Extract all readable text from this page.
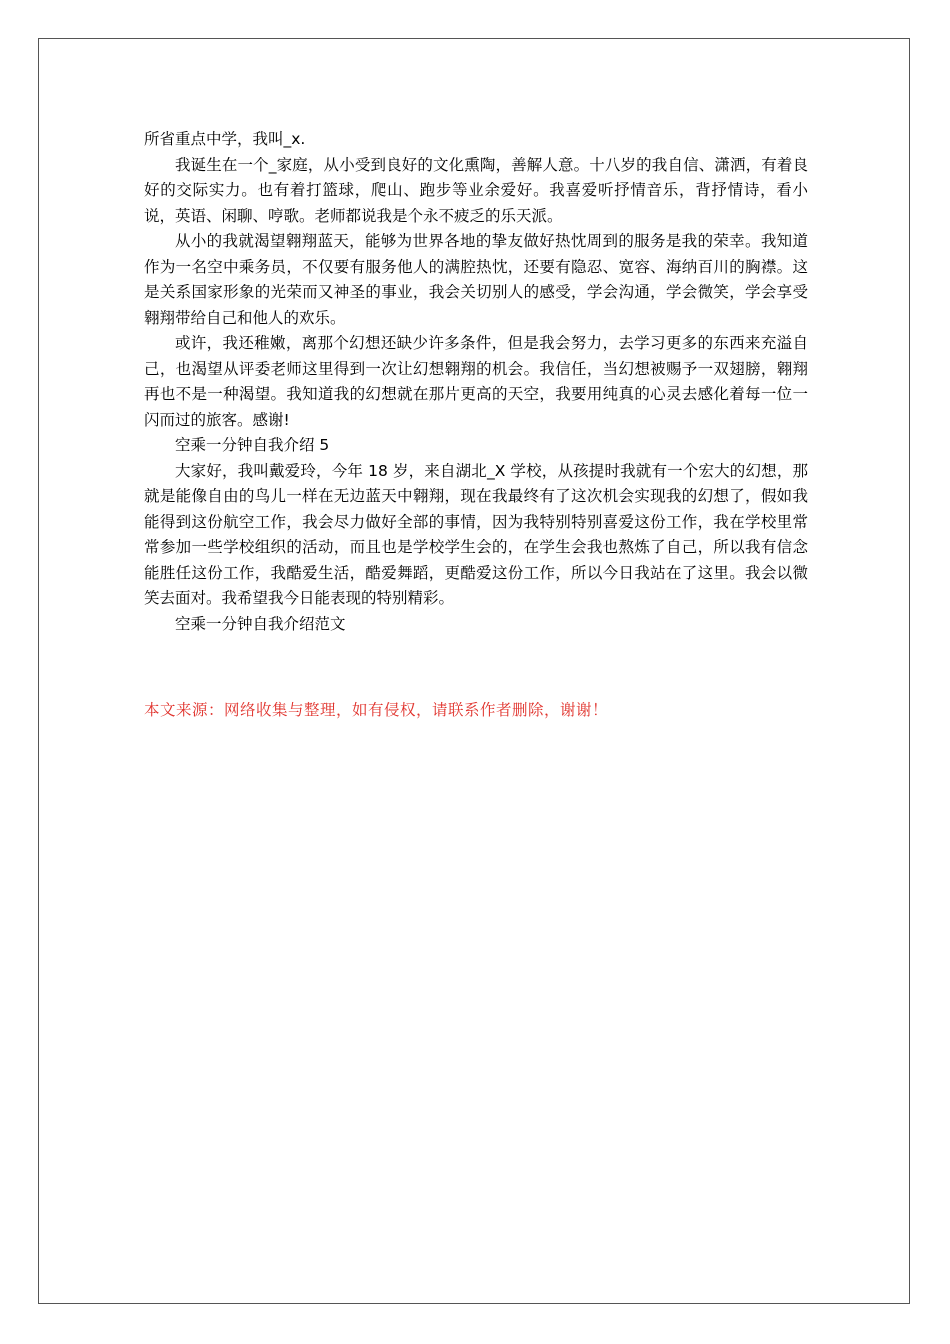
所省重点中学，我叫_x.

我诞生在一个_家庭，从小受到良好的文化熏陶，善解人意。十八岁的我自信、潇洒，有着良好的交际实力。也有着打篮球，爬山、跑步等业余爱好。我喜爱听抒情音乐，背抒情诗，看小说，英语、闲聊、哼歌。老师都说我是个永不疲乏的乐天派。

从小的我就渴望翱翔蓝天，能够为世界各地的挚友做好热忱周到的服务是我的荣幸。我知道作为一名空中乘务员，不仅要有服务他人的满腔热忱，还要有隐忍、宽容、海纳百川的胸襟。这是关系国家形象的光荣而又神圣的事业，我会关切别人的感受，学会沟通，学会微笑，学会享受翱翔带给自己和他人的欢乐。

或许，我还稚嫩，离那个幻想还缺少许多条件，但是我会努力，去学习更多的东西来充溢自己，也渴望从评委老师这里得到一次让幻想翱翔的机会。我信任，当幻想被赐予一双翅膀，翱翔再也不是一种渴望。我知道我的幻想就在那片更高的天空，我要用纯真的心灵去感化着每一位一闪而过的旅客。感谢!

空乘一分钟自我介绍 5

大家好，我叫戴爱玲，今年 18 岁，来自湖北_X 学校，从孩提时我就有一个宏大的幻想，那就是能像自由的鸟儿一样在无边蓝天中翱翔，现在我最终有了这次机会实现我的幻想了，假如我能得到这份航空工作，我会尽力做好全部的事情，因为我特别特别喜爱这份工作，我在学校里常常参加一些学校组织的活动，而且也是学校学生会的，在学生会我也熬炼了自己，所以我有信念能胜任这份工作，我酷爱生活，酷爱舞蹈，更酷爱这份工作，所以今日我站在了这里。我会以微笑去面对。我希望我今日能表现的特别精彩。

空乘一分钟自我介绍范文

本文来源：网络收集与整理，如有侵权，请联系作者删除，谢谢！
